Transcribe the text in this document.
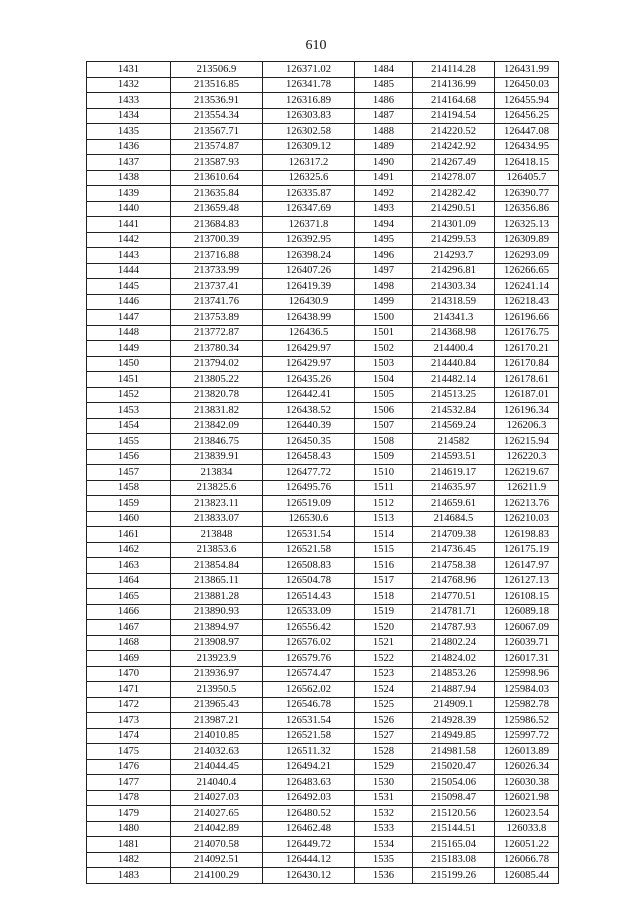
610
1431	213506.9	126371.02	1484	214114.28	126431.99
1432	213516.85	126341.78	1485	214136.99	126450.03
1433	213536.91	126316.89	1486	214164.68	126455.94
1434	213554.34	126303.83	1487	214194.54	126456.25
1435	213567.71	126302.58	1488	214220.52	126447.08
1436	213574.87	126309.12	1489	214242.92	126434.95
1437	213587.93	126317.2	1490	214267.49	126418.15
1438	213610.64	126325.6	1491	214278.07	126405.7
1439	213635.84	126335.87	1492	214282.42	126390.77
1440	213659.48	126347.69	1493	214290.51	126356.86
1441	213684.83	126371.8	1494	214301.09	126325.13
1442	213700.39	126392.95	1495	214299.53	126309.89
1443	213716.88	126398.24	1496	214293.7	126293.09
1444	213733.99	126407.26	1497	214296.81	126266.65
1445	213737.41	126419.39	1498	214303.34	126241.14
1446	213741.76	126430.9	1499	214318.59	126218.43
1447	213753.89	126438.99	1500	214341.3	126196.66
1448	213772.87	126436.5	1501	214368.98	126176.75
1449	213780.34	126429.97	1502	214400.4	126170.21
1450	213794.02	126429.97	1503	214440.84	126170.84
1451	213805.22	126435.26	1504	214482.14	126178.61
1452	213820.78	126442.41	1505	214513.25	126187.01
1453	213831.82	126438.52	1506	214532.84	126196.34
1454	213842.09	126440.39	1507	214569.24	126206.3
1455	213846.75	126450.35	1508	214582	126215.94
1456	213839.91	126458.43	1509	214593.51	126220.3
1457	213834	126477.72	1510	214619.17	126219.67
1458	213825.6	126495.76	1511	214635.97	126211.9
1459	213823.11	126519.09	1512	214659.61	126213.76
1460	213833.07	126530.6	1513	214684.5	126210.03
1461	213848	126531.54	1514	214709.38	126198.83
1462	213853.6	126521.58	1515	214736.45	126175.19
1463	213854.84	126508.83	1516	214758.38	126147.97
1464	213865.11	126504.78	1517	214768.96	126127.13
1465	213881.28	126514.43	1518	214770.51	126108.15
1466	213890.93	126533.09	1519	214781.71	126089.18
1467	213894.97	126556.42	1520	214787.93	126067.09
1468	213908.97	126576.02	1521	214802.24	126039.71
1469	213923.9	126579.76	1522	214824.02	126017.31
1470	213936.97	126574.47	1523	214853.26	125998.96
1471	213950.5	126562.02	1524	214887.94	125984.03
1472	213965.43	126546.78	1525	214909.1	125982.78
1473	213987.21	126531.54	1526	214928.39	125986.52
1474	214010.85	126521.58	1527	214949.85	125997.72
1475	214032.63	126511.32	1528	214981.58	126013.89
1476	214044.45	126494.21	1529	215020.47	126026.34
1477	214040.4	126483.63	1530	215054.06	126030.38
1478	214027.03	126492.03	1531	215098.47	126021.98
1479	214027.65	126480.52	1532	215120.56	126023.54
1480	214042.89	126462.48	1533	215144.51	126033.8
1481	214070.58	126449.72	1534	215165.04	126051.22
1482	214092.51	126444.12	1535	215183.08	126066.78
1483	214100.29	126430.12	1536	215199.26	126085.44
